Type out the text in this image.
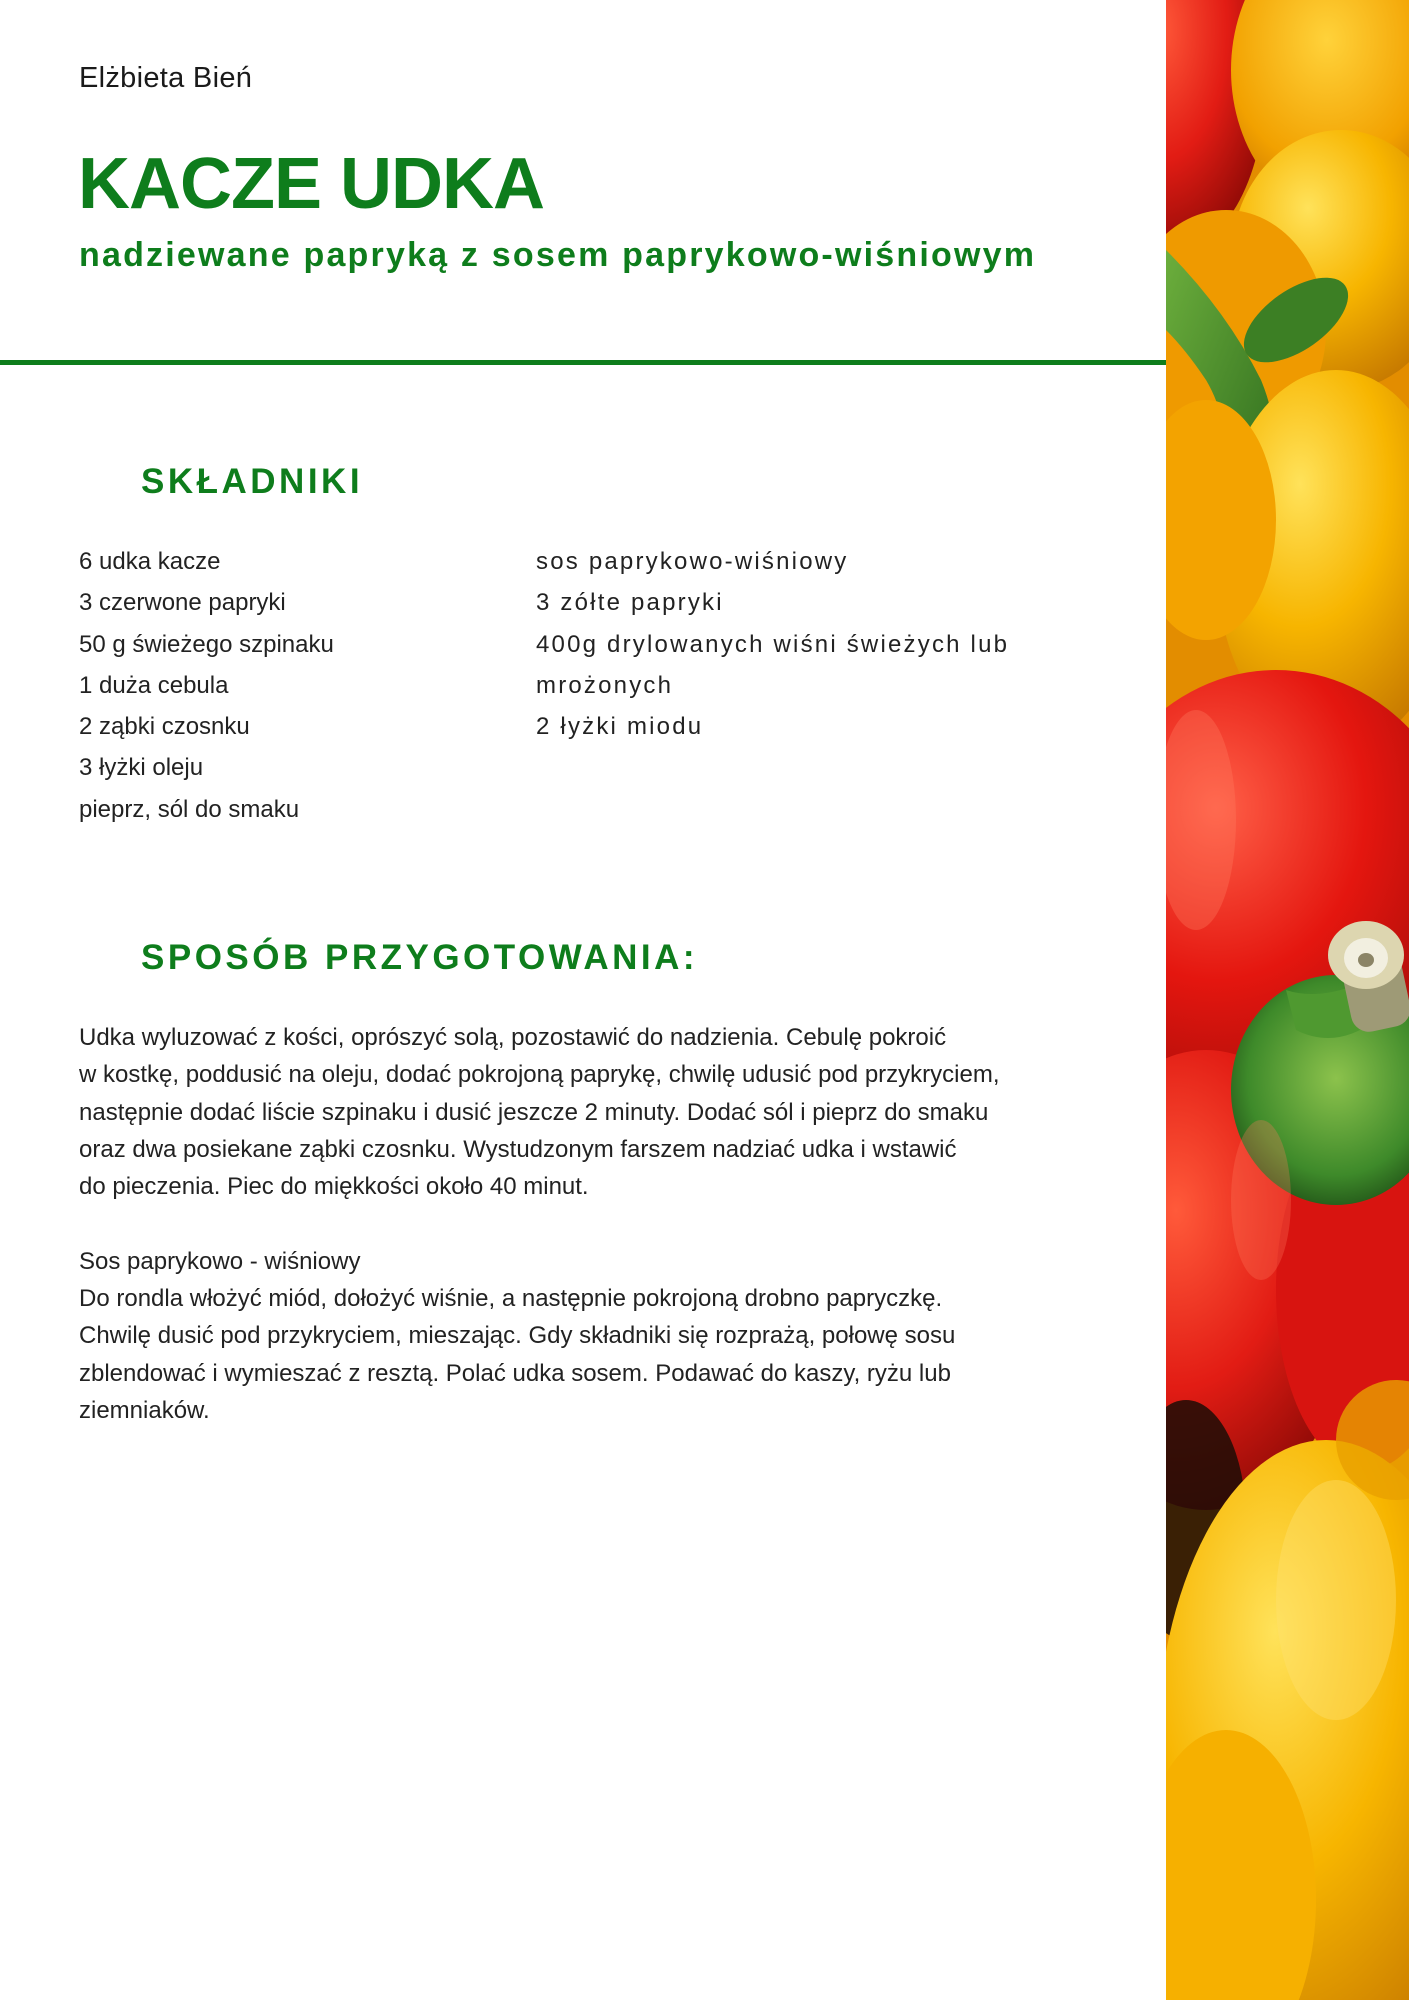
Elżbieta Bień
KACZE UDKA
nadziewane papryką z sosem paprykowo-wiśniowym
SKŁADNIKI
6 udka kacze
3 czerwone papryki
50 g świeżego szpinaku
1 duża cebula
2 ząbki czosnku
3 łyżki oleju
pieprz, sól do smaku
sos paprykowo-wiśniowy
3 zółte papryki
400g drylowanych wiśni świeżych lub mrożonych
2 łyżki miodu
SPOSÓB PRZYGOTOWANIA:

Udka wyluzować z kości, oprószyć solą, pozostawić do nadzienia. Cebulę pokroić
w kostkę, poddusić na oleju, dodać pokrojoną paprykę, chwilę udusić pod przykryciem,
następnie dodać liście szpinaku i dusić jeszcze 2 minuty. Dodać sól i pieprz do smaku
oraz dwa posiekane ząbki czosnku. Wystudzonym farszem nadziać udka i wstawić
do pieczenia. Piec do miękkości około 40 minut.

Sos paprykowo - wiśniowy

Do rondla włożyć miód, dołożyć wiśnie, a następnie pokrojoną drobno papryczkę.
Chwilę dusić pod przykryciem, mieszając. Gdy składniki się rozprażą, połowę sosu
zblendować i wymieszać z resztą. Polać udka sosem. Podawać do kaszy, ryżu lub
ziemniaków.
